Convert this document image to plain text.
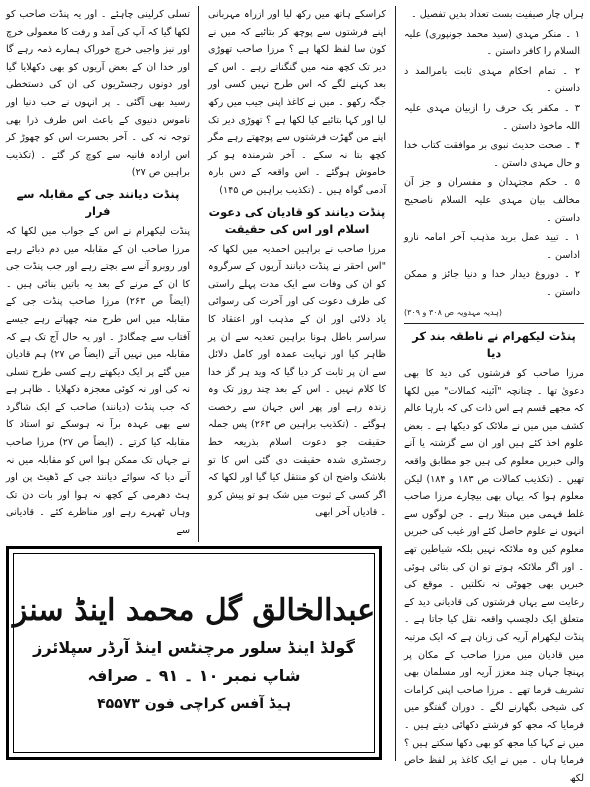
ہراں چار صیفیت بست تعداد بدیں تفصیل ۔

۱ ۔ منکر مہدی (سید محمد جونپوری) علیہ السلام را کافر داستن ۔

۲ ۔ تمام احکام مہدی ثابت بامرالمد د داسنن ۔

۳ ۔ مکفر یک حرف را ازبیان مہدی علیہ اللہ ماخوذ داستن ۔

۴ ۔ صحت حدیث نبوی بر موافقت کتاب خدا و حال مہدی داستن ۔

۵ ۔ حکم مجتہدان و مفسران و جز آن مخالف بیان مہدی علیہ السلام ناصحیح داستن ۔

۱ ۔ تیید عمل برید مذہب آخر امامہ نارو اداسن ۔

۲ ۔ دوروغ دیدار خدا و دنیا جائز و ممکن داستن ۔

(ہدیہ مہدویہ ص ۳۰۸ و ۳۰۹)

پنڈت لیکھرام نے ناطقہ بند کر دیا

مرزا صاحب کو فرشتوں کی دید کا بھی دعویٰ تھا ۔ چنانچہ "آئینہ کمالات" میں لکھا کہ مجھے قسم ہے اس ذات کی کہ بارہا عالم کشف میں میں نے ملائک کو دیکھا ہے ۔ بعض علوم اخذ کئے ہیں اور ان سے گزشتہ یا آنے والی خبریں معلوم کی ہیں جو مطابق واقعہ تھیں ۔ (تکذیب کمالات ص ۱۸۳ و ۱۸۴) لیکن معلوم ہوا کہ یہاں بھی بیچارے مرزا صاحب غلط فہمی میں مبتلا رہے ۔ جن لوگوں سے انہوں نے علوم حاصل کئے اور غیب کی خبریں معلوم کیں وہ ملائکہ نہیں بلکہ شیاطین تھے ۔ اور اگر ملائکہ ہوتے تو ان کی بتائی ہوئی خبریں بھی جھوٹی نہ نکلتیں ۔ موقع کی رعایت سے یہاں فرشتوں کی قادیانی دید کے متعلق ایک دلچسپ واقعہ نقل کیا جاتا ہے ۔ پنڈت لیکھرام آریہ کی زبان ہے کہ ایک مرتبہ میں قادیان میں مرزا صاحب کے مکان پر پہنچا جہاں چند معزز آریہ اور مسلمان بھی تشریف فرما تھے ۔ مرزا صاحب اپنی کرامات کی شیخی بگھارنے لگے ۔ دوران گفتگو میں فرمایا کہ مجھ کو فرشتے دکھائی دیتے ہیں ۔ میں نے کہا کیا مجھ کو بھی دکھا سکتے ہیں ؟ فرمایا ہاں ۔ میں نے ایک کاغذ پر لفظ خاص لکھ

کراسکے ہاتھ میں رکھ لیا اور ازراہ مہربانی اپنے فرشتوں سے پوچھ کر بتائیے کہ میں نے کون سا لفظ لکھا ہے ؟ مرزا صاحب تھوڑی دیر تک کچھ منہ میں گنگناتے رہے ۔ اس کے بعد کہنے لگے کہ اس طرح نہیں کسی اور جگہ رکھو ۔ میں نے کاغذ اپنی جیب میں رکھ لیا اور کہا بتائیے کیا لکھا ہے ؟ تھوڑی دیر تک اپنے من گھڑت فرشتوں سے پوچھتے رہے مگر کچھ بتا نہ سکے ۔ آخر شرمندہ ہو کر خاموش ہوگئے ۔ اس واقعہ کے دس بارہ آدمی گواہ ہیں ۔ (تکذیب براہین ص ۱۴۵)

پنڈت دیانند کو قادیان کی دعوت اسلام اور اس کی حقیقت

مرزا صاحب نے براہین احمدیہ میں لکھا کہ "اس احقر نے پنڈت دیانند آریوں کے سرگروہ کو ان کی وفات سے ایک مدت پہلے راستی کی طرف دعوت کی اور آخرت کی رسوائی یاد دلائی اور ان کے مذہب اور اعتقاد کا سراسر باطل ہونا براہین تعدیہ سے ان پر ظاہر کیا اور نہایت عمدہ اور کامل دلائل سے ان پر ثابت کر دیا گیا کہ وید ہر گز خدا کا کلام نہیں ۔ اس کے بعد چند روز تک وہ زندہ رہے اور پھر اس جہان سے رخصت ہوگئے ۔ (تکذیب براہین ص ۲۶۳) پس جملہ حقیقت جو دعوت اسلام بذریعہ خط رجسٹری شدہ حقیقت دی گئی اس کا تو بلاشک واضح ان کو منتقل کیا گیا اور لکھا کہ اگر کسی کے ثبوت میں شک ہو تو پیش کرو ۔ قادیاں آخر ابھی

تسلی کرلینی چاہئے ۔ اور یہ پنڈت صاحب کو لکھا گیا کہ آپ کی آمد و رفت کا معمولی خرچ اور نیز واجبی خرچ خوراک ہمارے ذمہ رہے گا اور خدا ان کے بعض آریوں کو بھی دکھلایا گیا اور دونوں رجسٹریوں کی ان کی دستخطی رسید بھی آگئی ۔ پر انہوں نے حب دنیا اور ناموس دنیوی کے باعث اس طرف ذرا بھی توجہ نہ کی ۔ آخر بحسرت اس کو چھوڑ کر اس ارادہ فانیہ سے کوچ کر گئے ۔ (تکذیب براہین ص ۲۷)

پنڈت دیانند جی کے مقابلہ سے فرار

پنڈت لیکھرام نے اس کے جواب میں لکھا کہ مرزا صاحب ان کے مقابلہ میں دم دبائے رہے اور روبرو آنے سے بچتے رہے اور جب پنڈت جی کا ان کے مرنے کے بعد یہ باتیں بنائی ہیں ۔ (ایضاً ص ۲۶۳) مرزا صاحب پنڈت جی کے مقابلہ میں اس طرح منہ چھپاتے رہے جیسے آفتاب سے چمگادڑ ۔ اور یہ حال آج تک ہے کہ مقابلہ میں نہیں آتے (ایضاً ص ۲۷) ہم قادیان میں گئے پر ایک دیکھتے رہے کسی طرح تسلی نہ کی اور نہ کوئی معجزہ دکھلایا ۔ ظاہر ہے کہ جب پنڈت (دیانند) صاحب کے ایک شاگرد سے بھی عہدہ برآ نہ ہوسکے تو استاد کا مقابلہ کیا کرتے ۔ (ایضاً ص ۲۷) مرزا صاحب نے جہاں تک ممکن ہوا اس کو مقابلہ میں نہ آنے دیا کہ سوائے دیانند جی کے ڈھیٹ پن اور ہٹ دھرمی کے کچھ نہ ہوا اور بات دن تک وہاں ٹھہرے رہے اور مناظرے کئے ۔ قادیانی سے

عبدالخالق گل محمد اینڈ سنز
گولڈ اینڈ سلور مرچنٹس اینڈ آرڈر سپلائرز
شاپ نمبر ۱۰ ۔ ۹۱ ۔ صرافہ
ہیڈ آفس کراچی فون ۴۵۵۷۳
